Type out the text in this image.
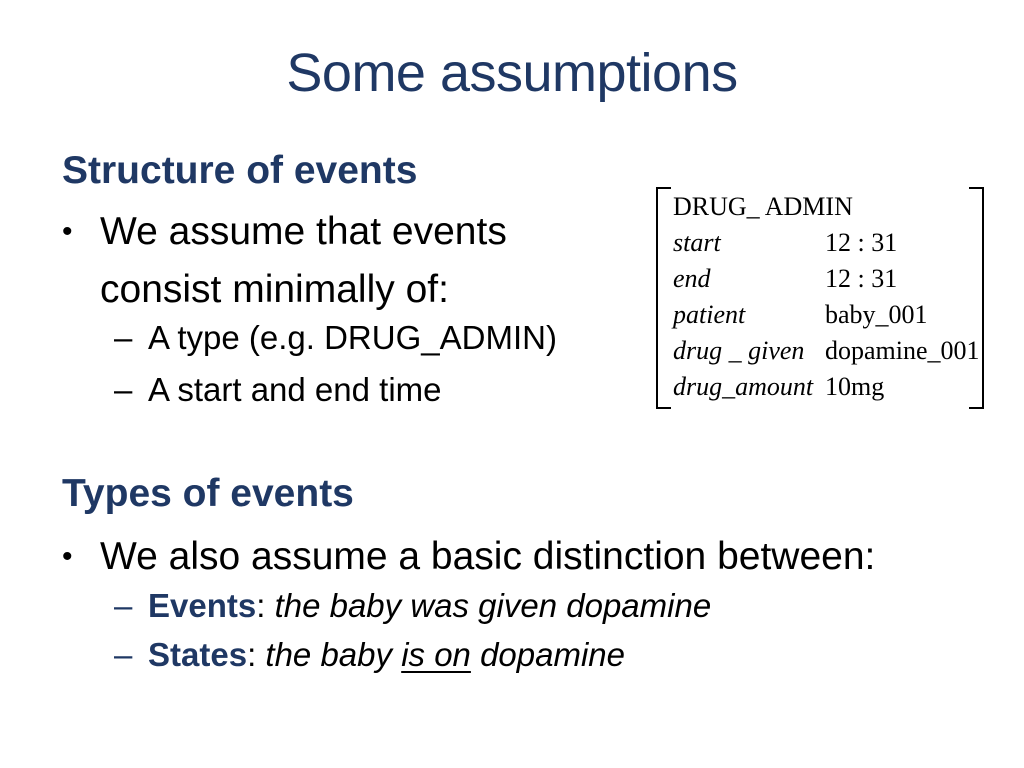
Some assumptions
Structure of events
• We assume that events consist minimally of:
– A type (e.g. DRUG_ADMIN)
– A start and end time
DRUG_ ADMIN
start	12 : 31
end	12 : 31
patient	baby_001
drug _ given dopamine_001
drug_amount 10mg
Types of events
• We also assume a basic distinction between:
– Events: the baby was given dopamine
– States: the baby is on dopamine
